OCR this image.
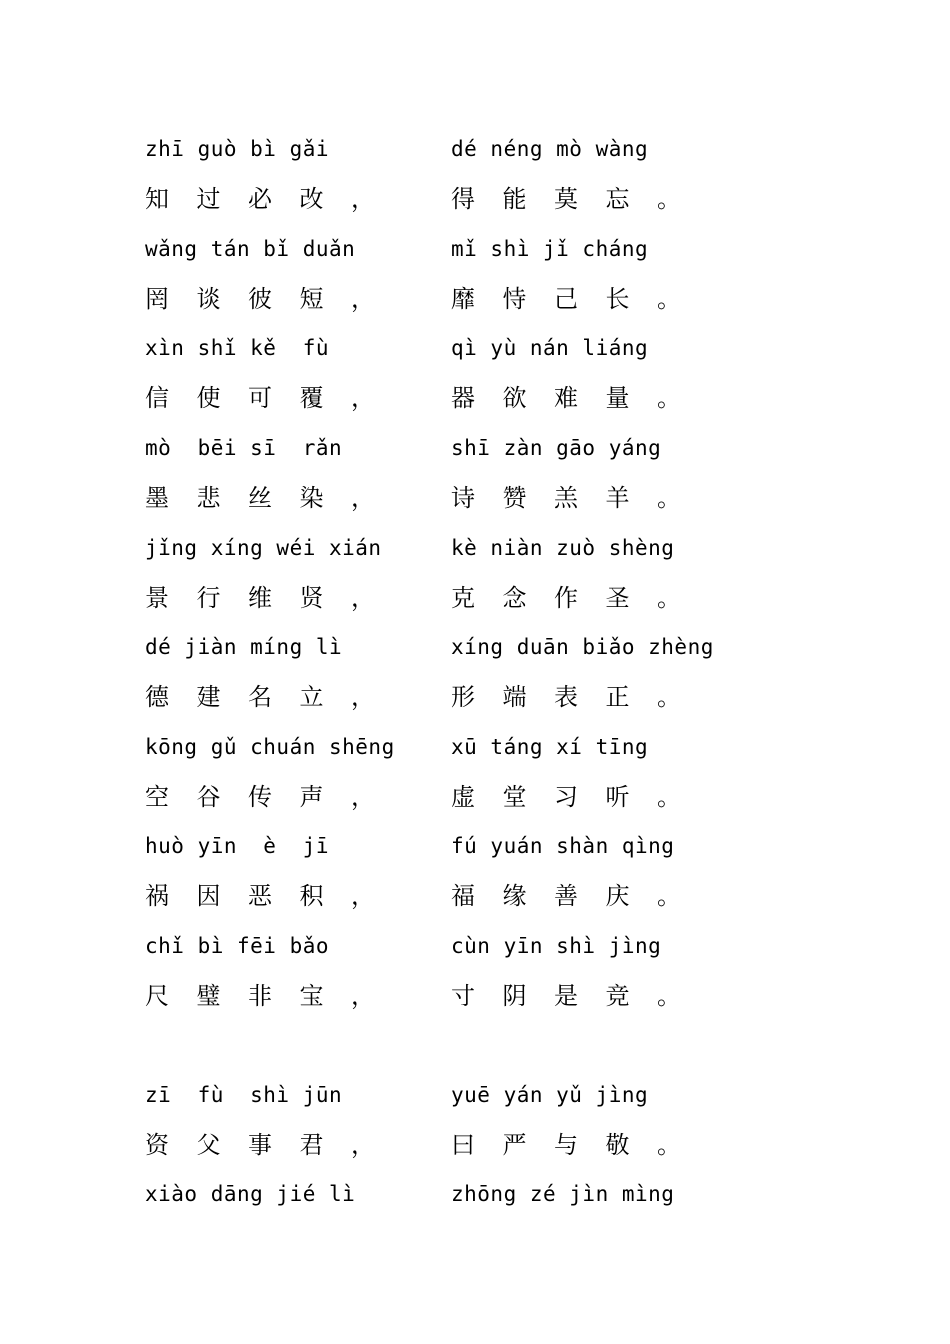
zhī guò bì gǎi
知 过 必 改 ，
dé néng mò wàng
得 能 莫 忘 。
wǎng tán bǐ duǎn
罔 谈 彼 短 ，
mǐ shì jǐ cháng
靡 恃 己 长 。
xìn shǐ kě  fù
信 使 可 覆 ，
qì yù nán liáng
器 欲 难 量 。
mò  bēi sī  rǎn
墨 悲 丝 染 ，
shī zàn gāo yáng
诗 赞 羔 羊 。
jǐng xíng wéi xián
景 行 维 贤 ，
kè niàn zuò shèng
克 念 作 圣 。
dé jiàn míng lì
德 建 名 立 ，
xíng duān biǎo zhèng
形 端 表 正 。
kōng gǔ chuán shēng
空 谷 传 声 ，
xū táng xí tīng
虚 堂 习 听 。
huò yīn  è  jī
祸 因 恶 积 ，
fú yuán shàn qìng
福 缘 善 庆 。
chǐ bì fēi bǎo
尺 璧 非 宝 ，
cùn yīn shì jìng
寸 阴 是 竞 。
zī  fù  shì jūn
资 父 事 君 ，
yuē yán yǔ jìng
曰 严 与 敬 。
xiào dāng jié lì	zhōng zé jìn mìng
